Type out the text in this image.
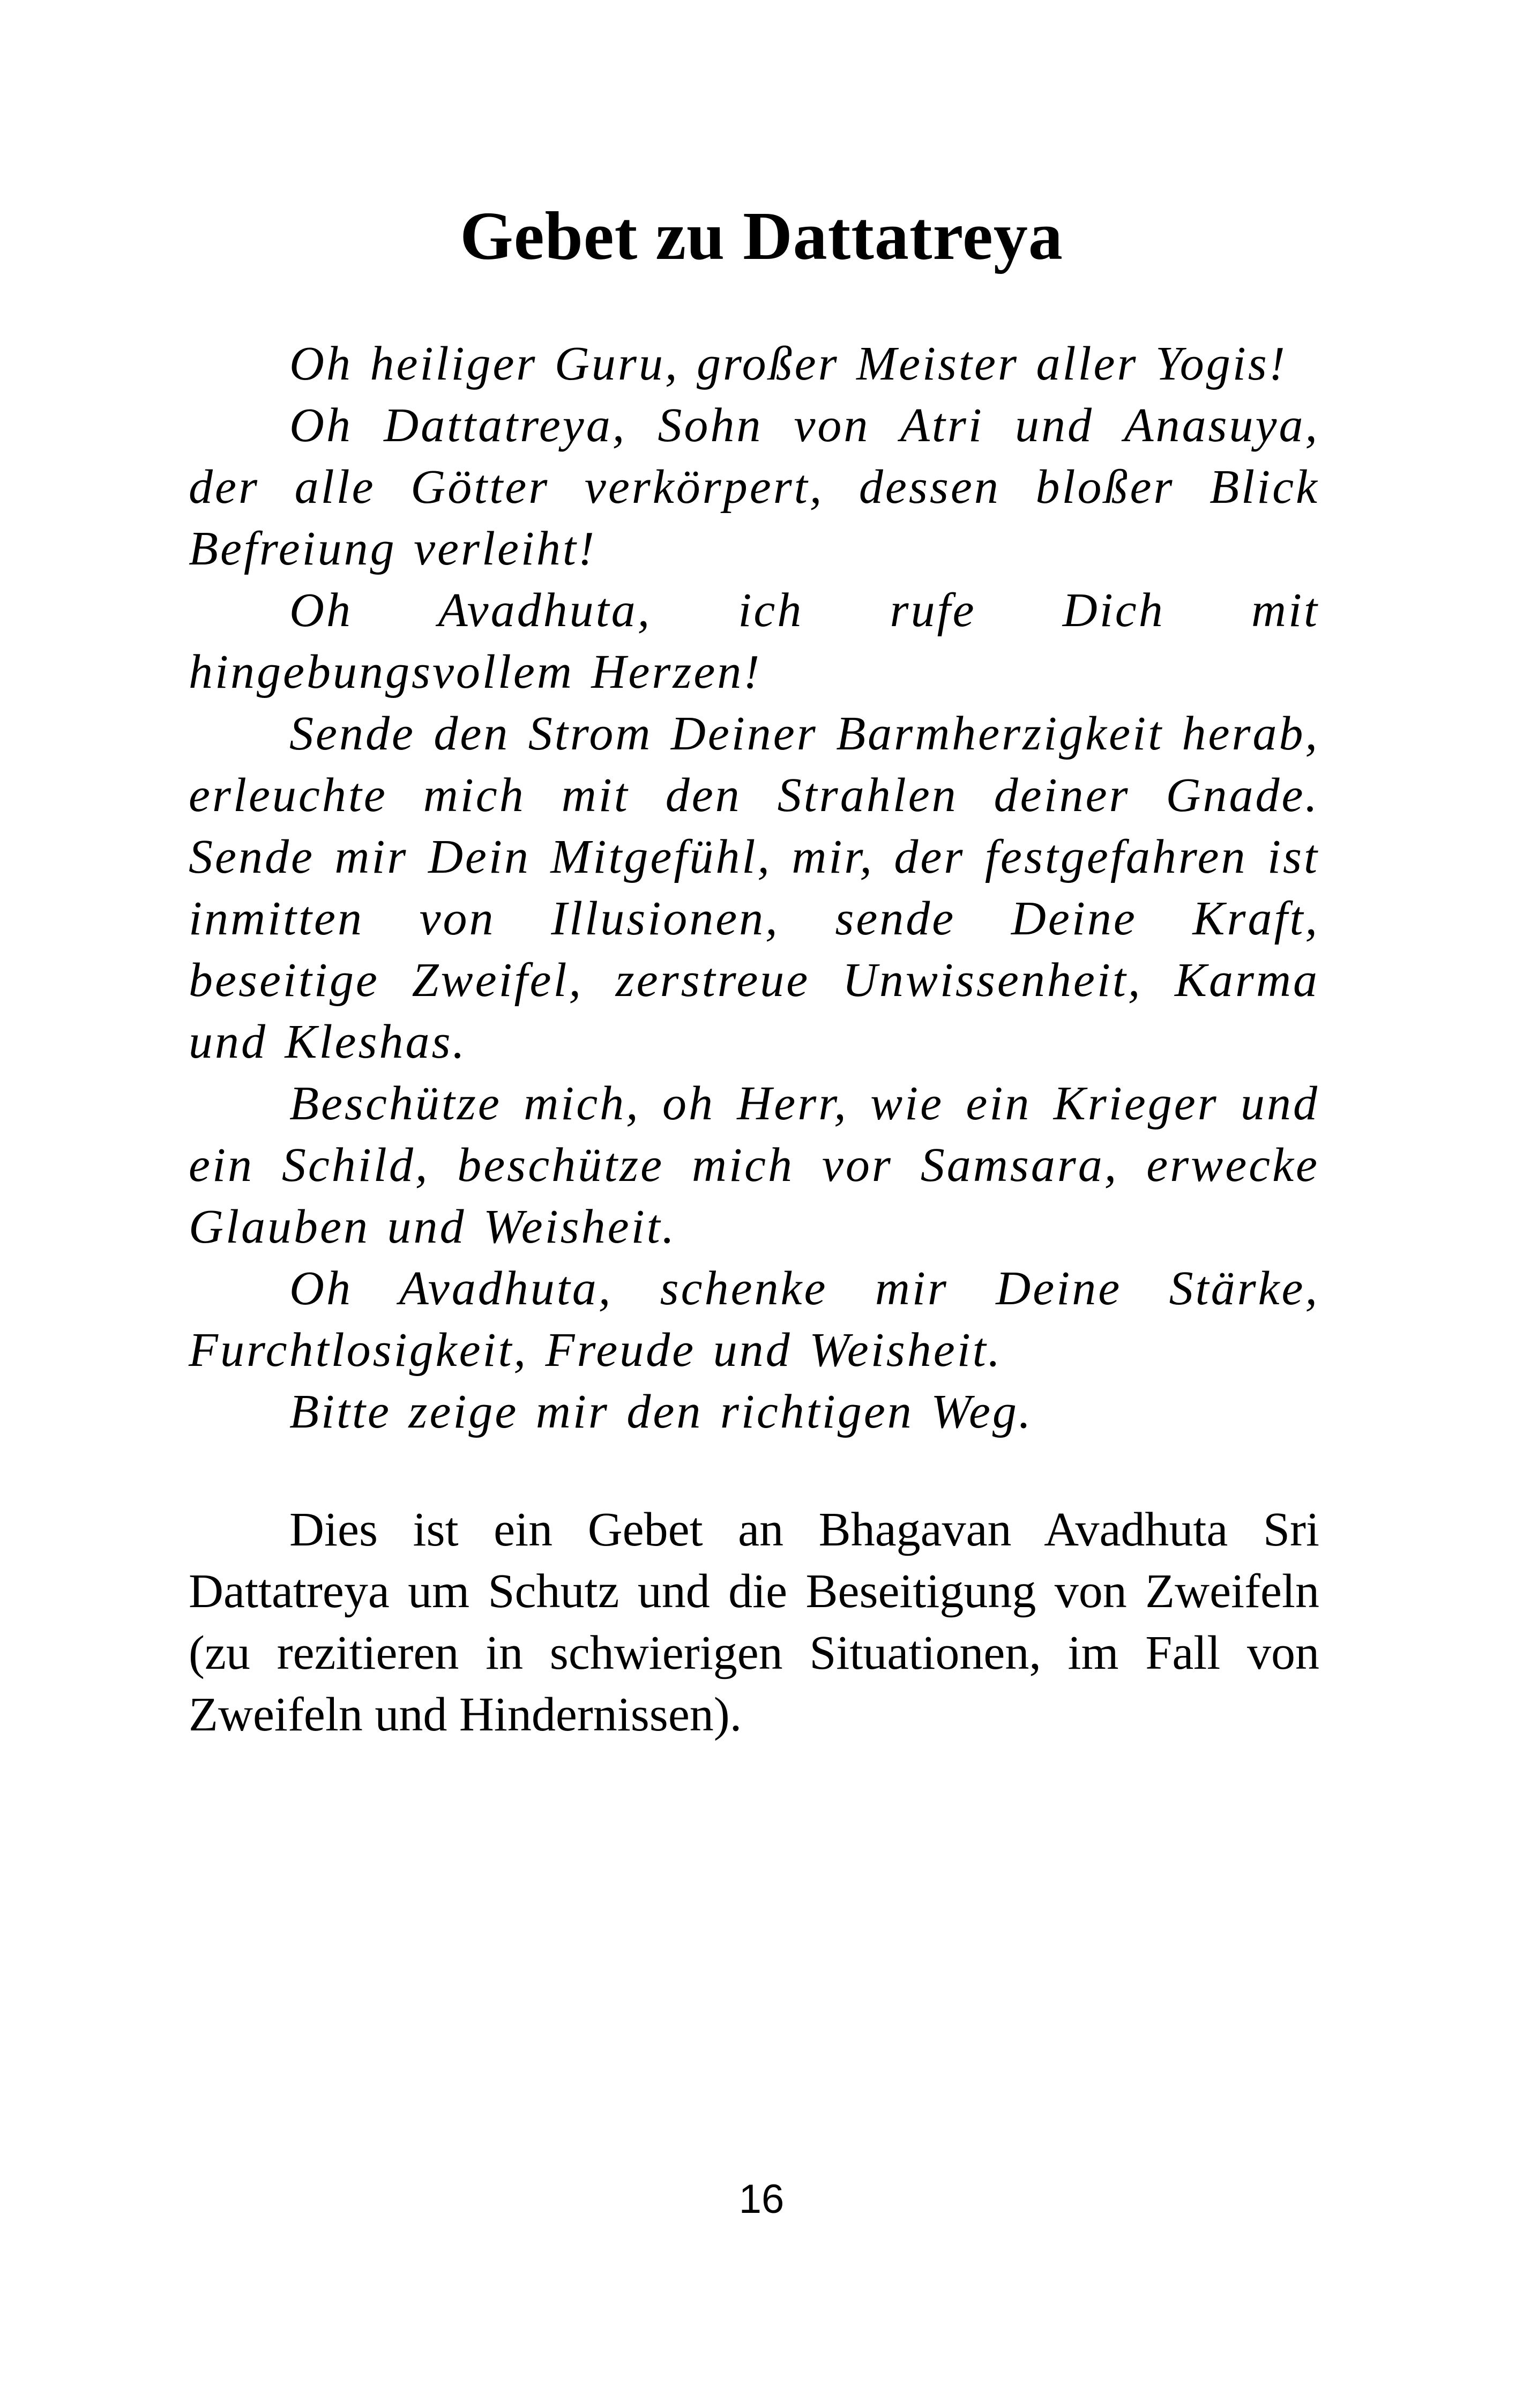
Gebet zu Dattatreya

Oh heiliger Guru, großer Meister aller Yogis!

Oh Dattatreya, Sohn von Atri und Anasuya, der alle Götter verkörpert, dessen bloßer Blick Befreiung verleiht!

Oh Avadhuta, ich rufe Dich mit hingebungsvollem Herzen!

Sende den Strom Deiner Barmherzigkeit herab, erleuchte mich mit den Strahlen deiner Gnade. Sende mir Dein Mitgefühl, mir, der festgefahren ist inmitten von Illusionen, sende Deine Kraft, beseitige Zweifel, zerstreue Unwissenheit, Karma und Kleshas.

Beschütze mich, oh Herr, wie ein Krieger und ein Schild, beschütze mich vor Samsara, erwecke Glauben und Weisheit.

Oh Avadhuta, schenke mir Deine Stärke, Furchtlosigkeit, Freude und Weisheit.

Bitte zeige mir den richtigen Weg.

Dies ist ein Gebet an Bhagavan Avadhuta Sri Dattatreya um Schutz und die Beseitigung von Zweifeln (zu rezitieren in schwierigen Situationen, im Fall von Zweifeln und Hindernissen).

16
